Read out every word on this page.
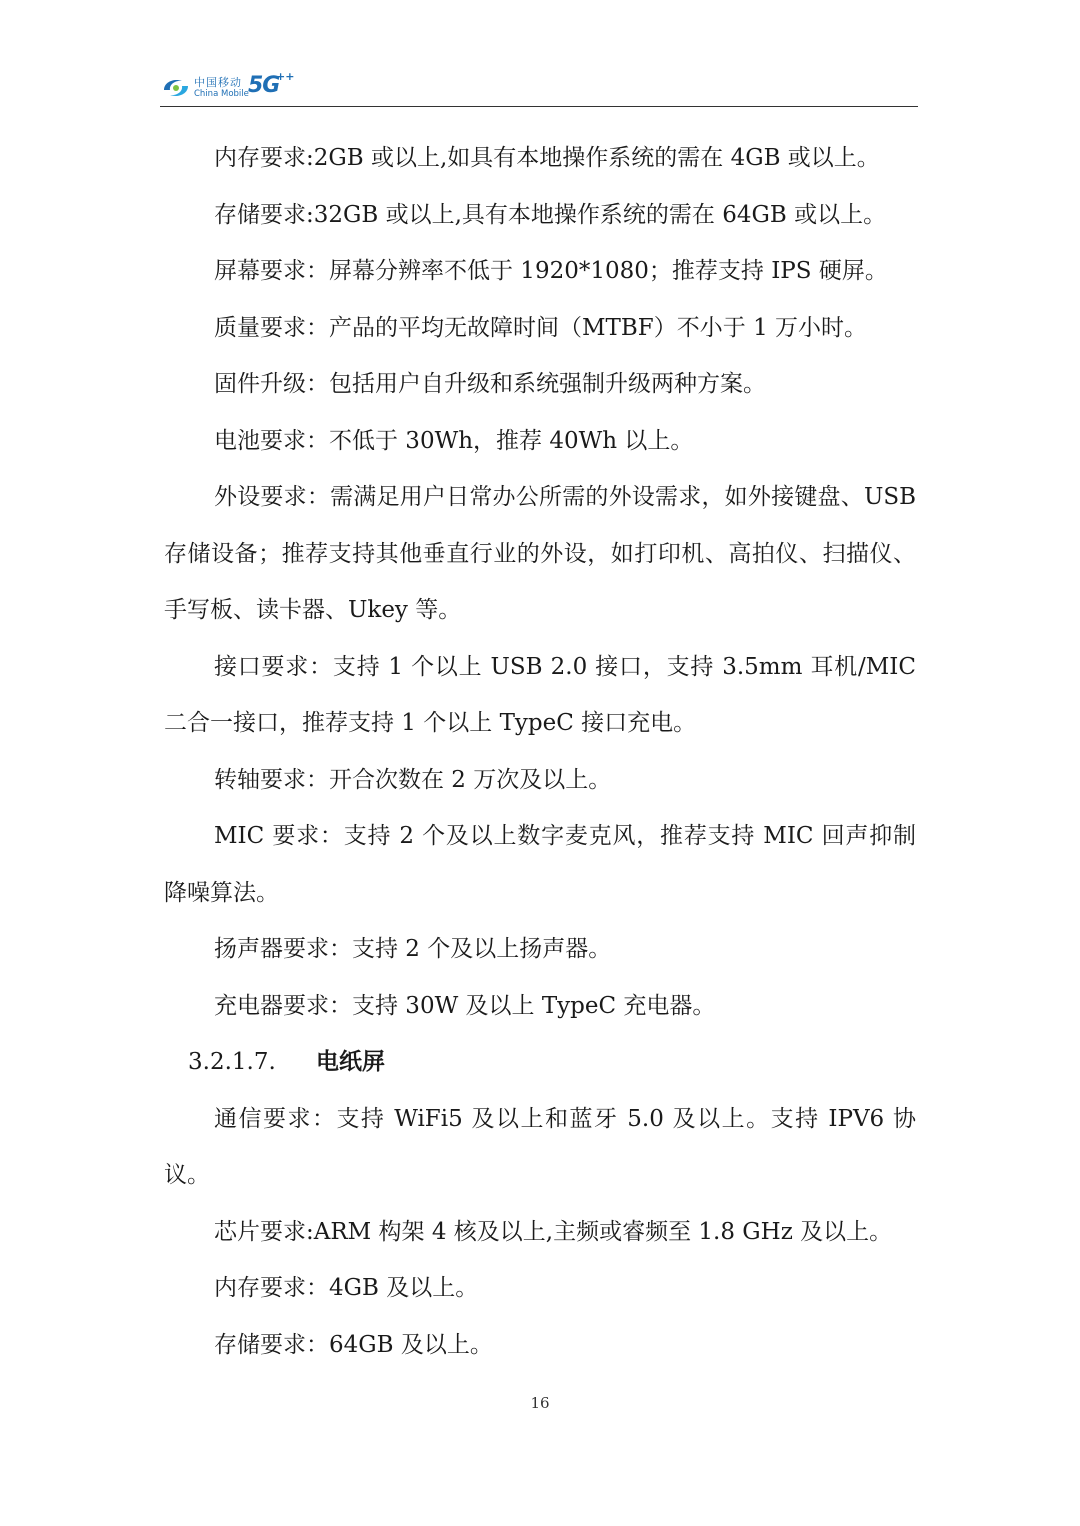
中国移动
China Mobile 5G
++

内存要求:2GB 或以上,如具有本地操作系统的需在 4GB 或以上。

存储要求:32GB 或以上,具有本地操作系统的需在 64GB 或以上。

屏幕要求：屏幕分辨率不低于 1920*1080；推荐支持 IPS 硬屏。

质量要求：产品的平均无故障时间（MTBF）不小于 1 万小时。

固件升级：包括用户自升级和系统强制升级两种方案。

电池要求：不低于 30Wh，推荐 40Wh 以上。

外设要求：需满足用户日常办公所需的外设需求，如外接键盘、USB 存储设备；推荐支持其他垂直行业的外设，如打印机、高拍仪、扫描仪、手写板、读卡器、Ukey 等。

接口要求：支持 1 个以上 USB 2.0 接口，支持 3.5mm 耳机/MIC 二合一接口，推荐支持 1 个以上 TypeC 接口充电。

转轴要求：开合次数在 2 万次及以上。

MIC 要求：支持 2 个及以上数字麦克风，推荐支持 MIC 回声抑制降噪算法。

扬声器要求：支持 2 个及以上扬声器。

充电器要求：支持 30W 及以上 TypeC 充电器。

3.2.1.7. 电纸屏

通信要求：支持 WiFi5 及以上和蓝牙 5.0 及以上。支持 IPV6 协议。

芯片要求:ARM 构架 4 核及以上,主频或睿频至 1.8 GHz 及以上。

内存要求：4GB 及以上。

存储要求：64GB 及以上。

16
